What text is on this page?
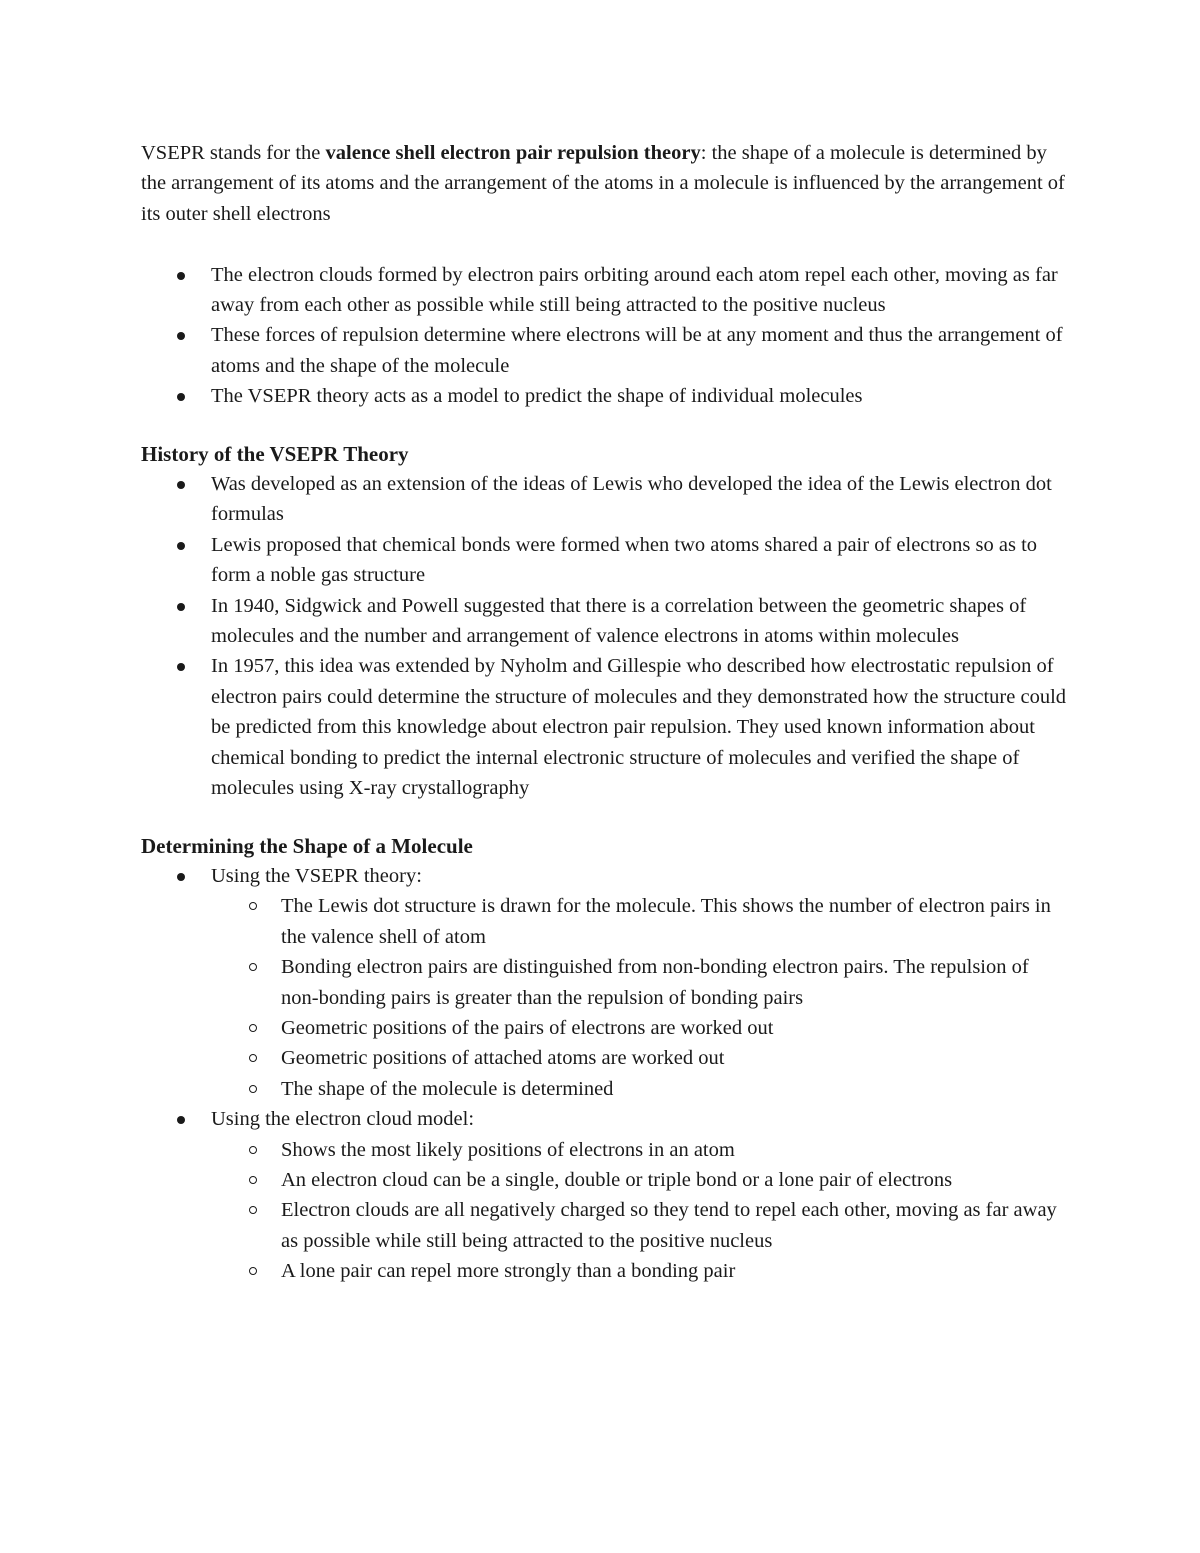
VSEPR stands for the valence shell electron pair repulsion theory: the shape of a molecule is determined by the arrangement of its atoms and the arrangement of the atoms in a molecule is influenced by the arrangement of its outer shell electrons

The electron clouds formed by electron pairs orbiting around each atom repel each other, moving as far away from each other as possible while still being attracted to the positive nucleus
These forces of repulsion determine where electrons will be at any moment and thus the arrangement of atoms and the shape of the molecule
The VSEPR theory acts as a model to predict the shape of individual molecules

History of the VSEPR Theory

Was developed as an extension of the ideas of Lewis who developed the idea of the Lewis electron dot formulas
Lewis proposed that chemical bonds were formed when two atoms shared a pair of electrons so as to form a noble gas structure
In 1940, Sidgwick and Powell suggested that there is a correlation between the geometric shapes of molecules and the number and arrangement of valence electrons in atoms within molecules
In 1957, this idea was extended by Nyholm and Gillespie who described how electrostatic repulsion of electron pairs could determine the structure of molecules and they demonstrated how the structure could be predicted from this knowledge about electron pair repulsion. They used known information about chemical bonding to predict the internal electronic structure of molecules and verified the shape of molecules using X-ray crystallography

Determining the Shape of a Molecule

Using the VSEPR theory:
The Lewis dot structure is drawn for the molecule. This shows the number of electron pairs in the valence shell of atom
Bonding electron pairs are distinguished from non-bonding electron pairs. The repulsion of non-bonding pairs is greater than the repulsion of bonding pairs
Geometric positions of the pairs of electrons are worked out
Geometric positions of attached atoms are worked out
The shape of the molecule is determined
Using the electron cloud model:
Shows the most likely positions of electrons in an atom
An electron cloud can be a single, double or triple bond or a lone pair of electrons
Electron clouds are all negatively charged so they tend to repel each other, moving as far away as possible while still being attracted to the positive nucleus
A lone pair can repel more strongly than a bonding pair
